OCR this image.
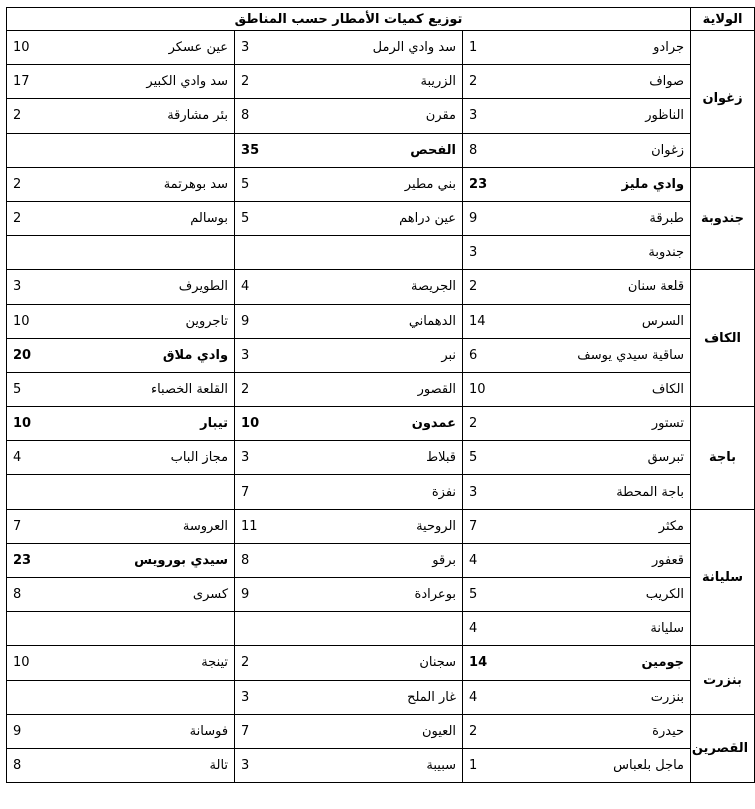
الولاية	توزيع كميات الأمطار حسب المناطق					
زغوان	جرادو	1	سد وادي الرمل	3	عين عسكر	10
	صواف	2	الزريبة	2	سد وادي الكبير	17
	الناظور	3	مقرن	8	بئر مشارقة	2
	زغوان	8	الفحص	35		
جندوبة	وادي مليز	23	بني مطير	5	سد بوهرتمة	2
	طبرقة	9	عين دراهم	5	بوسالم	2
	جندوبة	3				
الكاف	قلعة سنان	2	الجريصة	4	الطويرف	3
	السرس	14	الدهماني	9	تاجروين	10
	ساقية سيدي يوسف	6	نبر	3	وادي ملاق	20
	الكاف	10	القصور	2	القلعة الخصباء	5
باجة	تستور	2	عمدون	10	تيبار	10
	تبرسق	5	قبلاط	3	مجاز الباب	4
	باجة المحطة	3	نفزة	7		
سليانة	مكثر	7	الروحية	11	العروسة	7
	قعفور	4	برقو	8	سيدي بورويس	23
	الكريب	5	بوعرادة	9	كسرى	8
	سليانة	4				
بنزرت	جومين	14	سجنان	2	تينجة	10
	بنزرت	4	غار الملح	3		
القصرين	حيدرة	2	العيون	7	فوسانة	9
	ماجل بلعباس	1	سبيبة	3	تالة	8
